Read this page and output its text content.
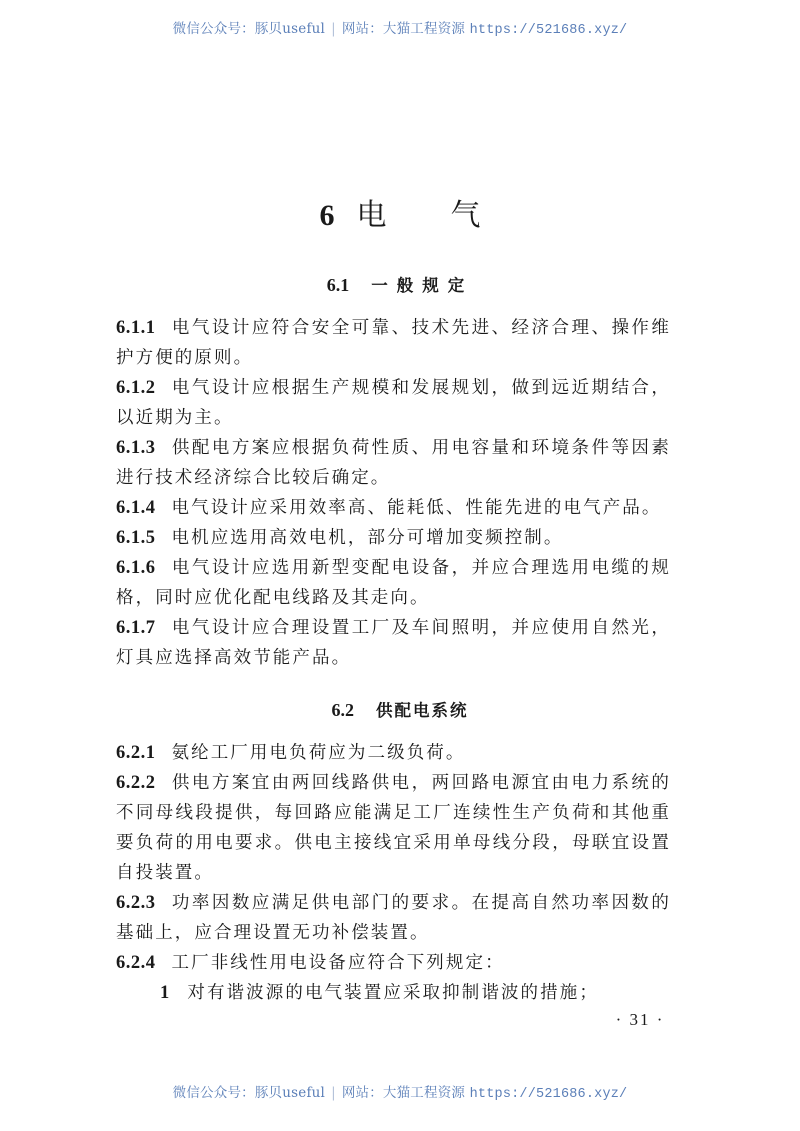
微信公众号：豚贝useful | 网站：大猫工程资源 https://521686.xyz/
6 电 气
6.1 一般规定

6.1.1 电气设计应符合安全可靠、技术先进、经济合理、操作维护方便的原则。

6.1.2 电气设计应根据生产规模和发展规划，做到远近期结合，以近期为主。

6.1.3 供配电方案应根据负荷性质、用电容量和环境条件等因素进行技术经济综合比较后确定。

6.1.4 电气设计应采用效率高、能耗低、性能先进的电气产品。

6.1.5 电机应选用高效电机，部分可增加变频控制。

6.1.6 电气设计应选用新型变配电设备，并应合理选用电缆的规格，同时应优化配电线路及其走向。

6.1.7 电气设计应合理设置工厂及车间照明，并应使用自然光，灯具应选择高效节能产品。

6.2 供配电系统

6.2.1 氨纶工厂用电负荷应为二级负荷。

6.2.2 供电方案宜由两回线路供电，两回路电源宜由电力系统的不同母线段提供，每回路应能满足工厂连续性生产负荷和其他重要负荷的用电要求。供电主接线宜采用单母线分段，母联宜设置自投装置。

6.2.3 功率因数应满足供电部门的要求。在提高自然功率因数的基础上，应合理设置无功补偿装置。

6.2.4 工厂非线性用电设备应符合下列规定：

1 对有谐波源的电气装置应采取抑制谐波的措施；

· 31 ·
微信公众号：豚贝useful | 网站：大猫工程资源 https://521686.xyz/
